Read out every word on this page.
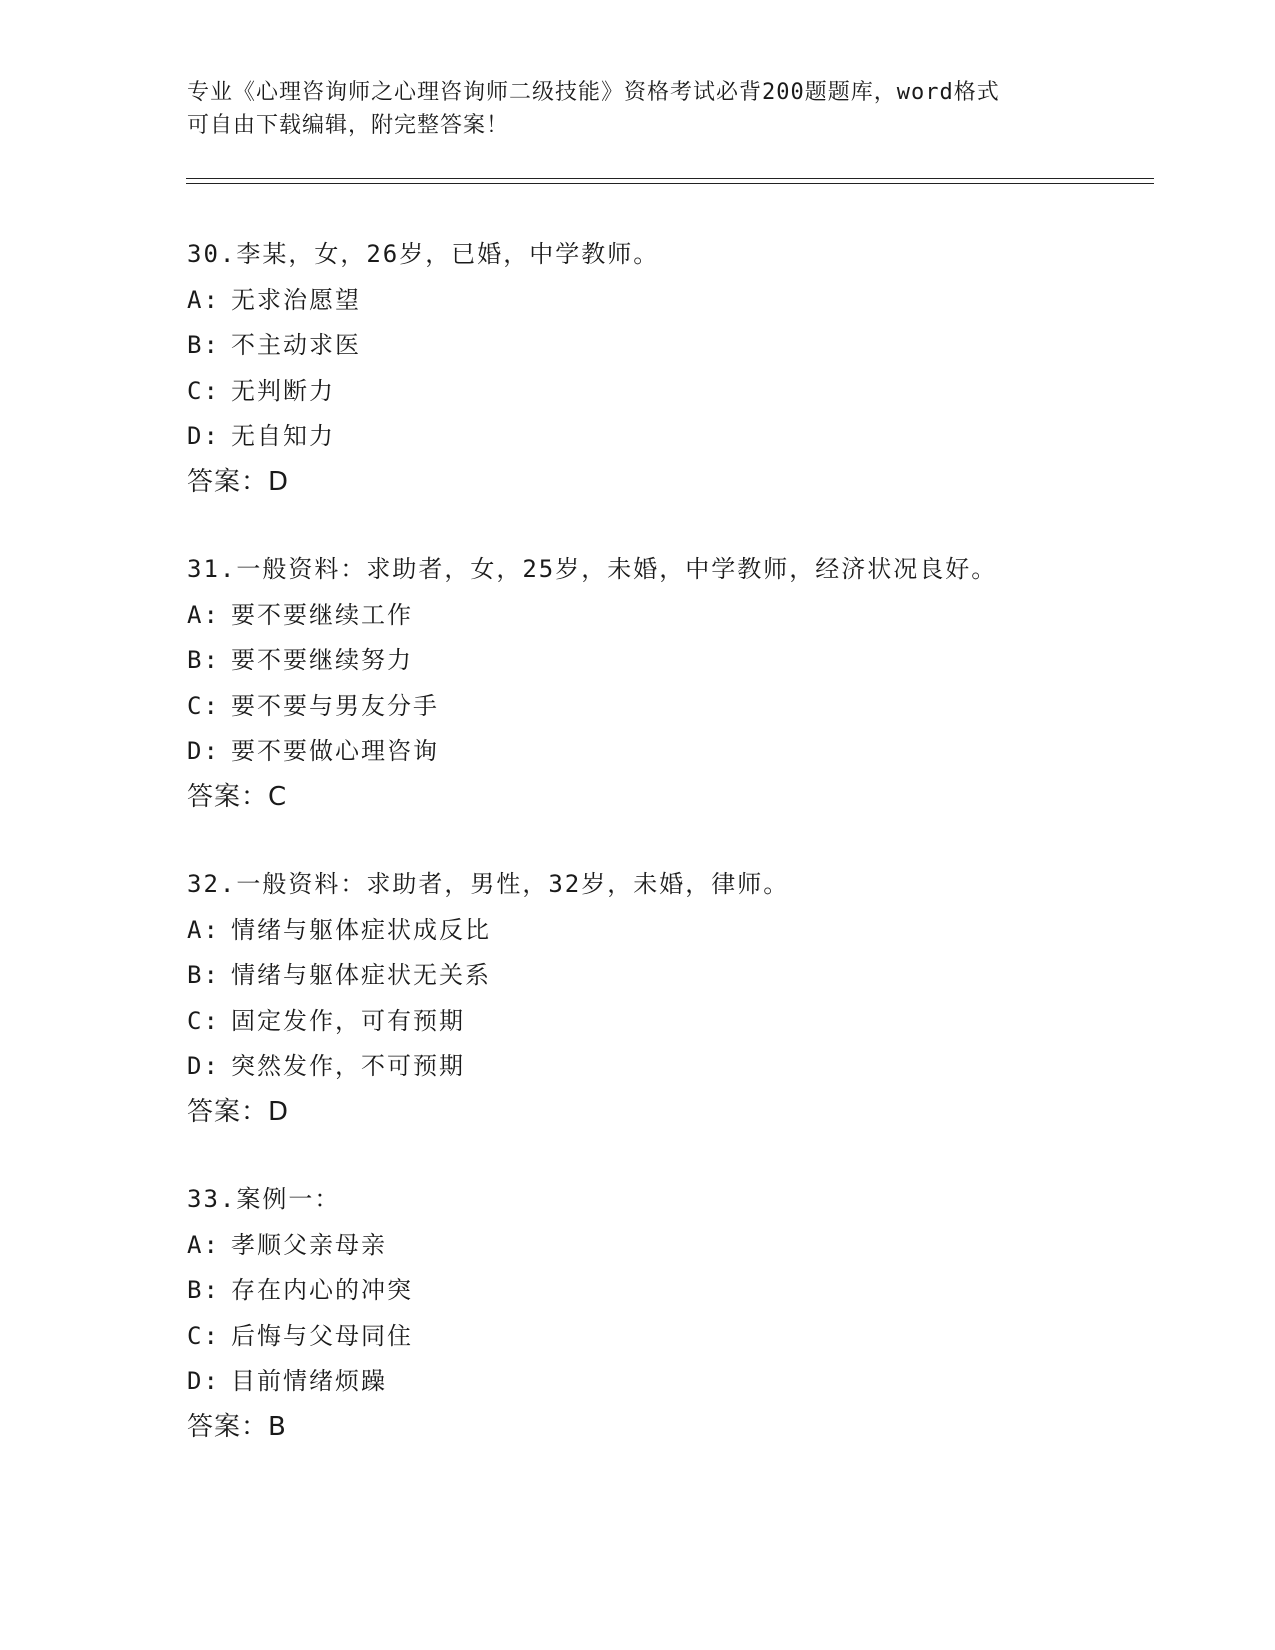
专业《心理咨询师之心理咨询师二级技能》资格考试必背200题题库，word格式
可自由下载编辑，附完整答案！
30.李某，女，26岁，已婚，中学教师。
A: 无求治愿望
B: 不主动求医
C: 无判断力
D: 无自知力
答案：D
31.一般资料：求助者，女，25岁，未婚，中学教师，经济状况良好。
A: 要不要继续工作
B: 要不要继续努力
C: 要不要与男友分手
D: 要不要做心理咨询
答案：C
32.一般资料：求助者，男性，32岁，未婚，律师。
A: 情绪与躯体症状成反比
B: 情绪与躯体症状无关系
C: 固定发作，可有预期
D: 突然发作，不可预期
答案：D
33.案例一：
A: 孝顺父亲母亲
B: 存在内心的冲突
C: 后悔与父母同住
D: 目前情绪烦躁
答案：B
